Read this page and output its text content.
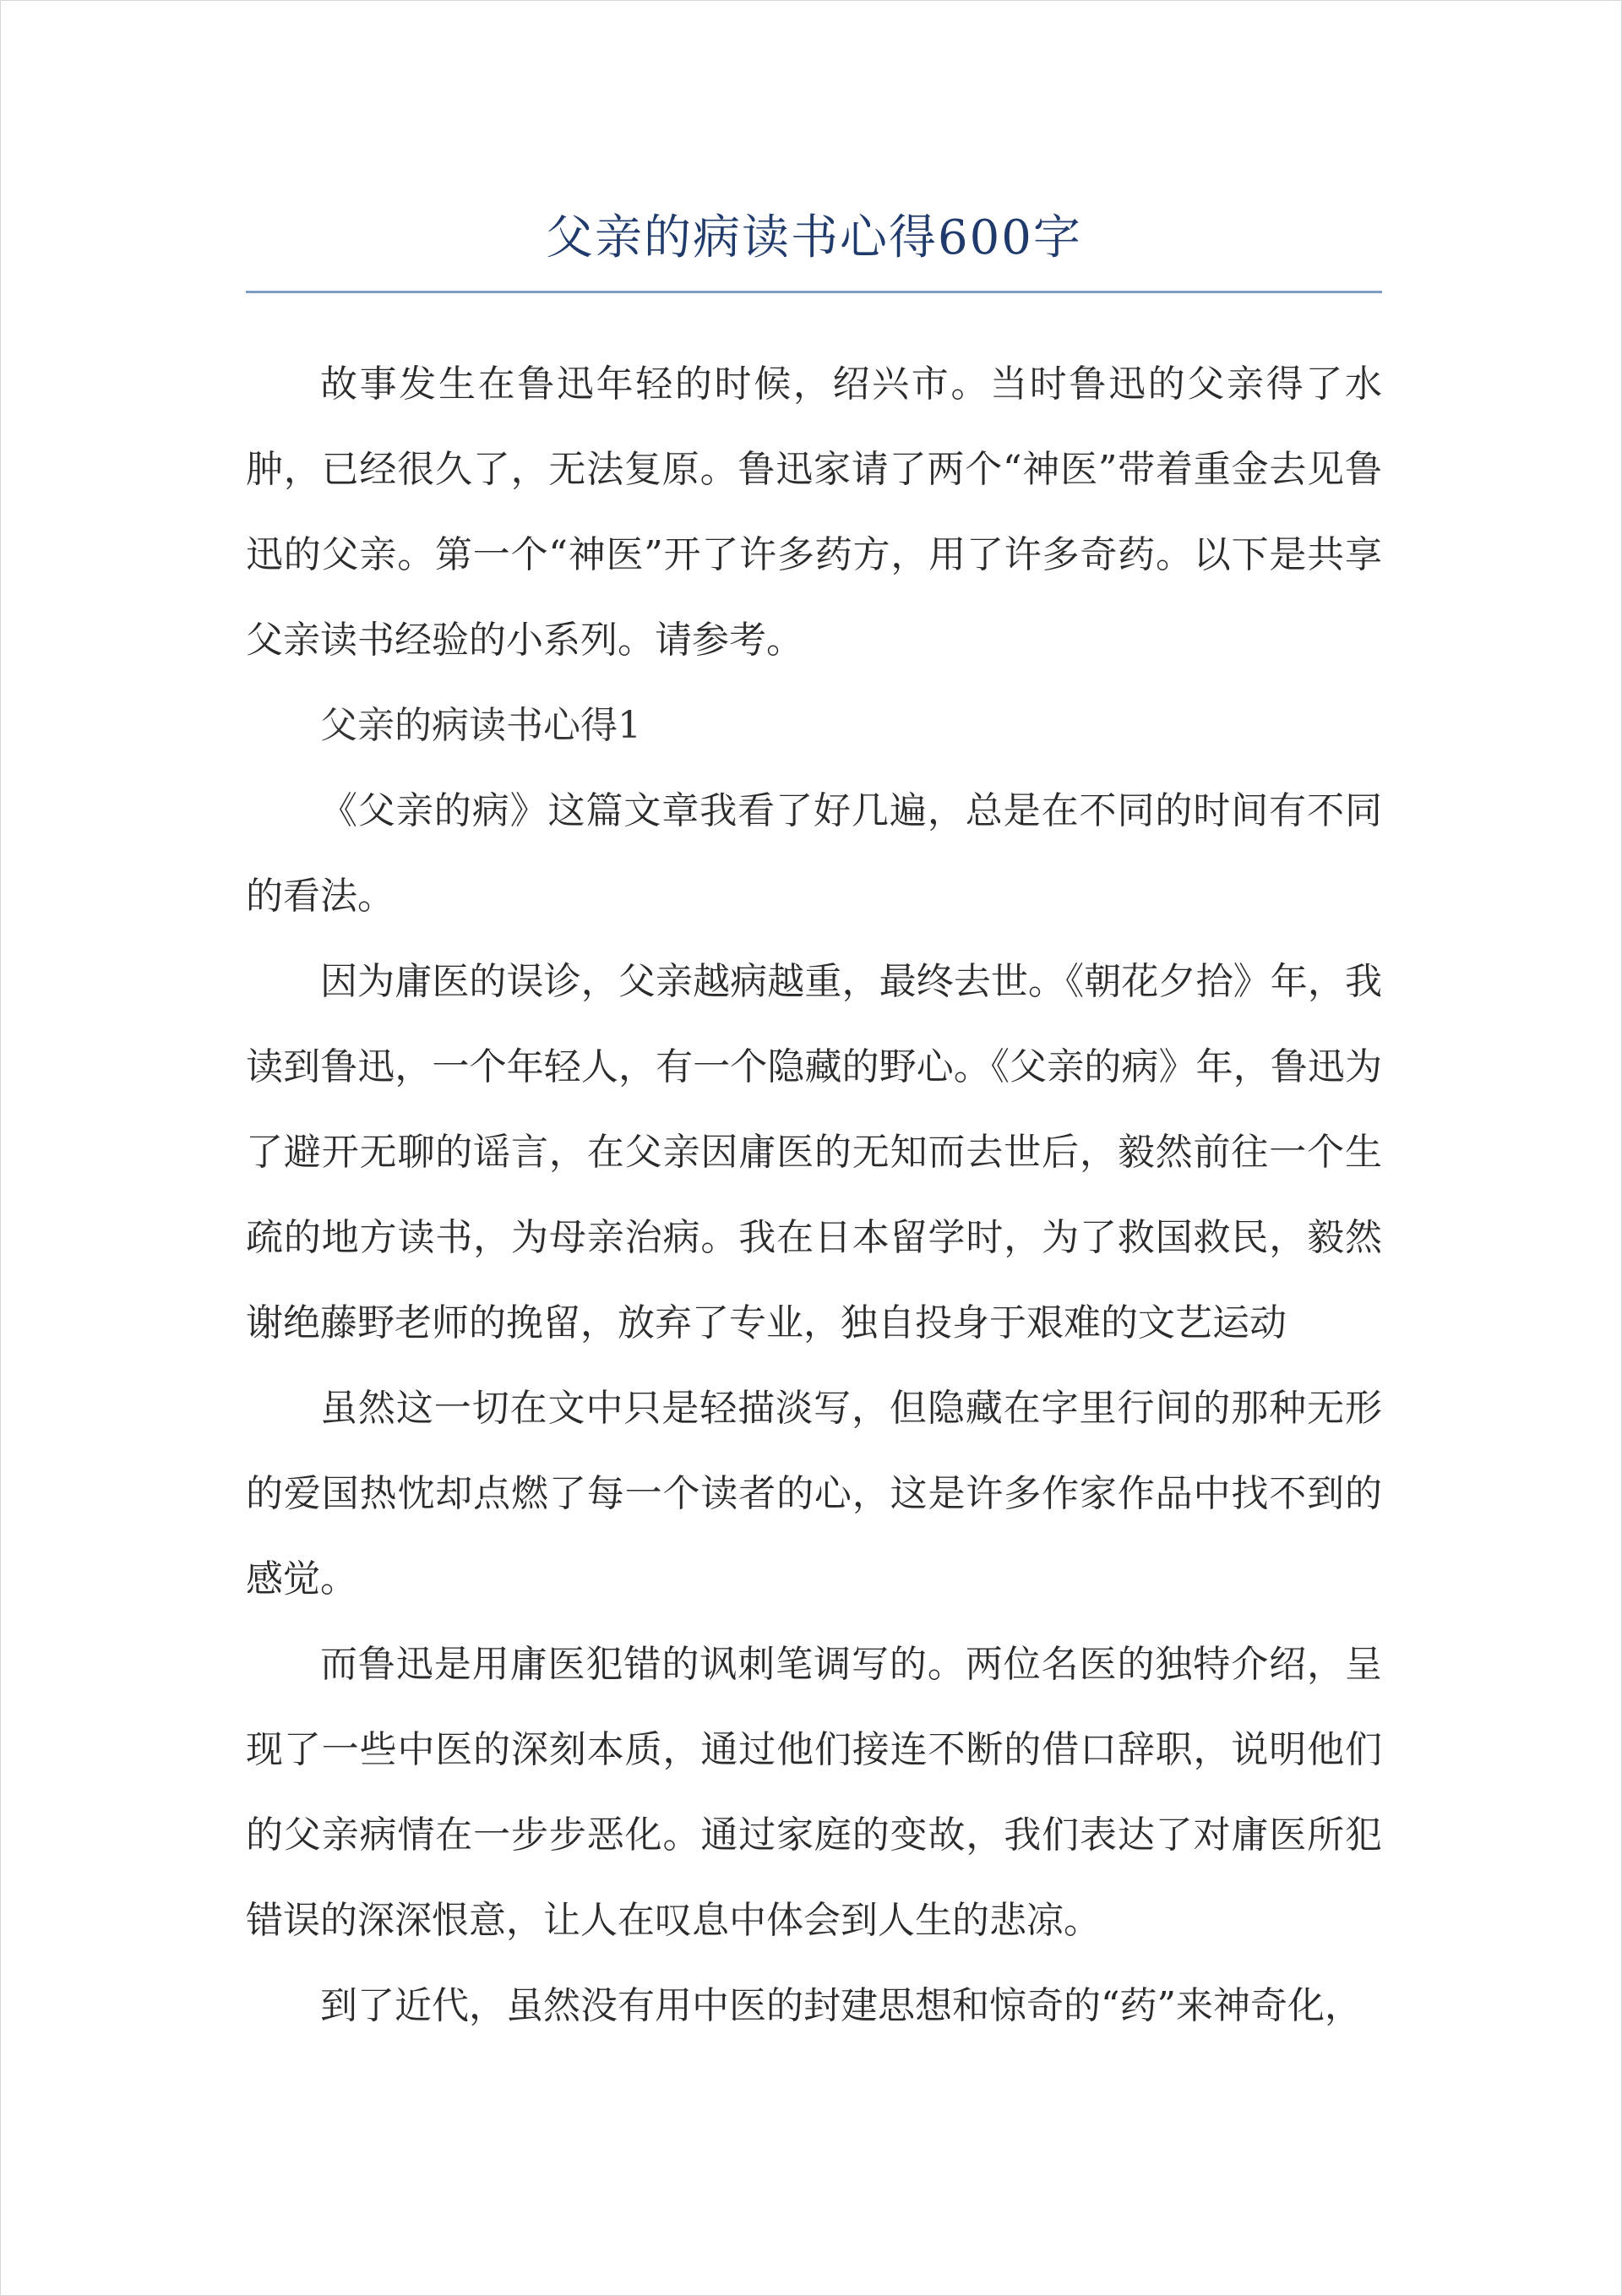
父亲的病读书心得600字

故事发生在鲁迅年轻的时候，绍兴市。当时鲁迅的父亲得了水肿，已经很久了，无法复原。鲁迅家请了两个“神医”带着重金去见鲁迅的父亲。第一个“神医”开了许多药方，用了许多奇药。以下是共享父亲读书经验的小系列。请参考。

父亲的病读书心得1

《父亲的病》这篇文章我看了好几遍，总是在不同的时间有不同的看法。

因为庸医的误诊，父亲越病越重，最终去世。《朝花夕拾》年，我读到鲁迅，一个年轻人，有一个隐藏的野心。《父亲的病》年，鲁迅为了避开无聊的谣言，在父亲因庸医的无知而去世后，毅然前往一个生疏的地方读书，为母亲治病。我在日本留学时，为了救国救民，毅然谢绝藤野老师的挽留，放弃了专业，独自投身于艰难的文艺运动

虽然这一切在文中只是轻描淡写，但隐藏在字里行间的那种无形的爱国热忱却点燃了每一个读者的心，这是许多作家作品中找不到的感觉。

而鲁迅是用庸医犯错的讽刺笔调写的。两位名医的独特介绍，呈现了一些中医的深刻本质，通过他们接连不断的借口辞职，说明他们的父亲病情在一步步恶化。通过家庭的变故，我们表达了对庸医所犯错误的深深恨意，让人在叹息中体会到人生的悲凉。

到了近代，虽然没有用中医的封建思想和惊奇的“药”来神奇化，
